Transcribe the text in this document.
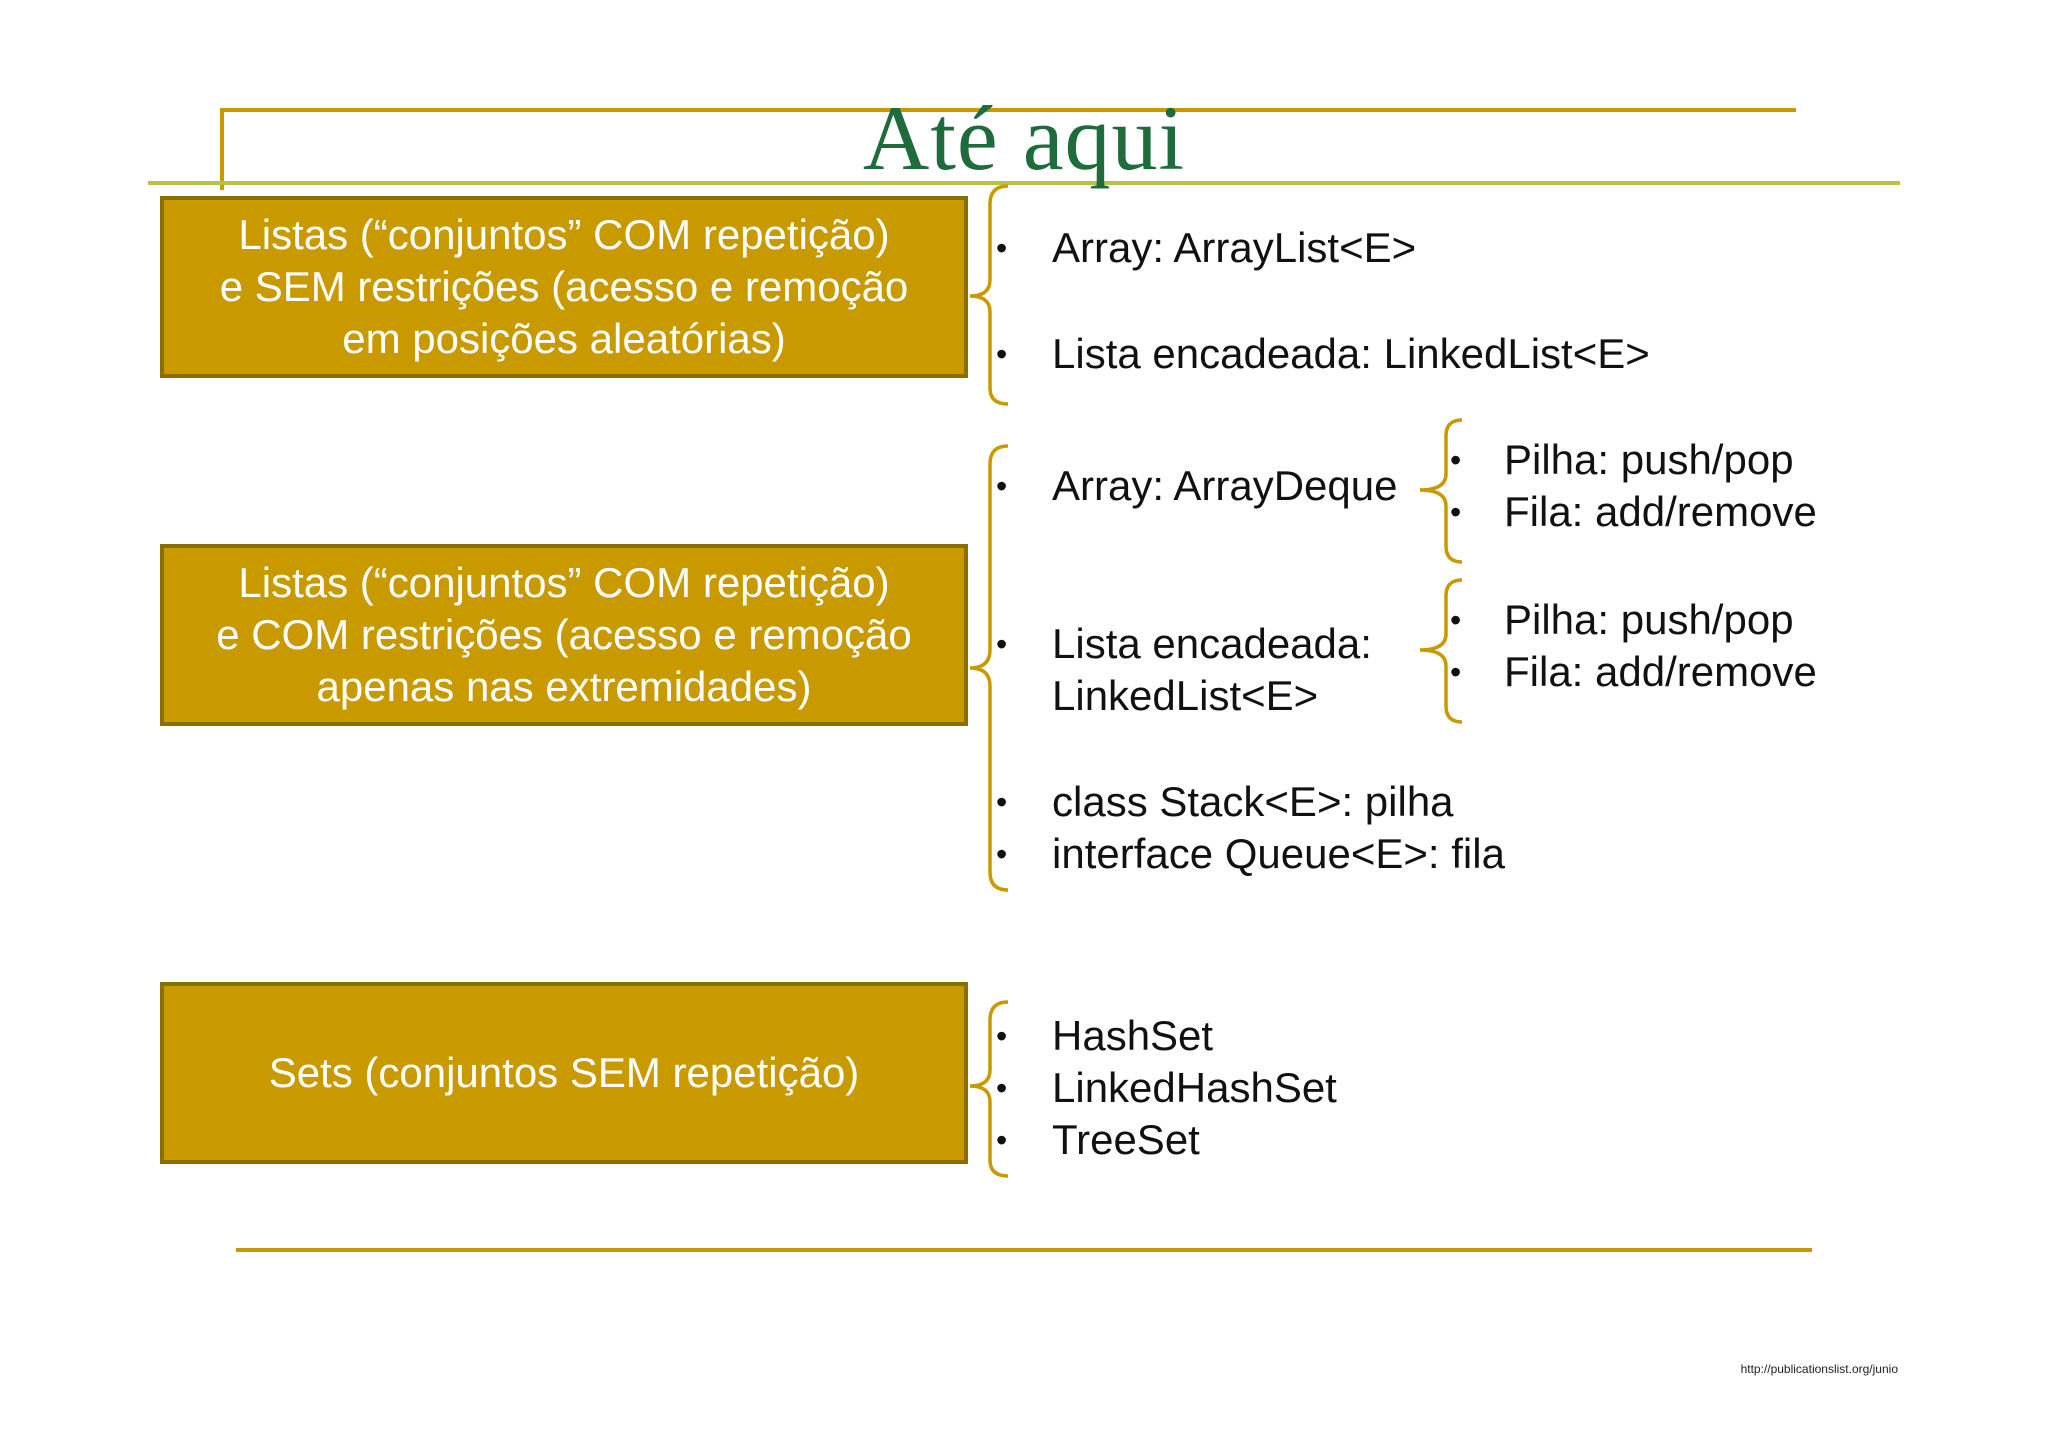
Até aqui
Listas (“conjuntos” COM repetição)
e SEM restrições (acesso e remoção
em posições aleatórias)
Listas (“conjuntos” COM repetição)
e COM restrições (acesso e remoção
apenas nas extremidades)
Sets (conjuntos SEM repetição)
• Array: ArrayList<E>
• Lista encadeada: LinkedList<E>
• Array: ArrayDeque
• Pilha: push/pop
• Fila: add/remove
• Lista encadeada:
LinkedList<E>
• Pilha: push/pop
• Fila: add/remove
• class Stack<E>: pilha
• interface Queue<E>: fila
• HashSet
• LinkedHashSet
• TreeSet
http://publicationslist.org/junio
